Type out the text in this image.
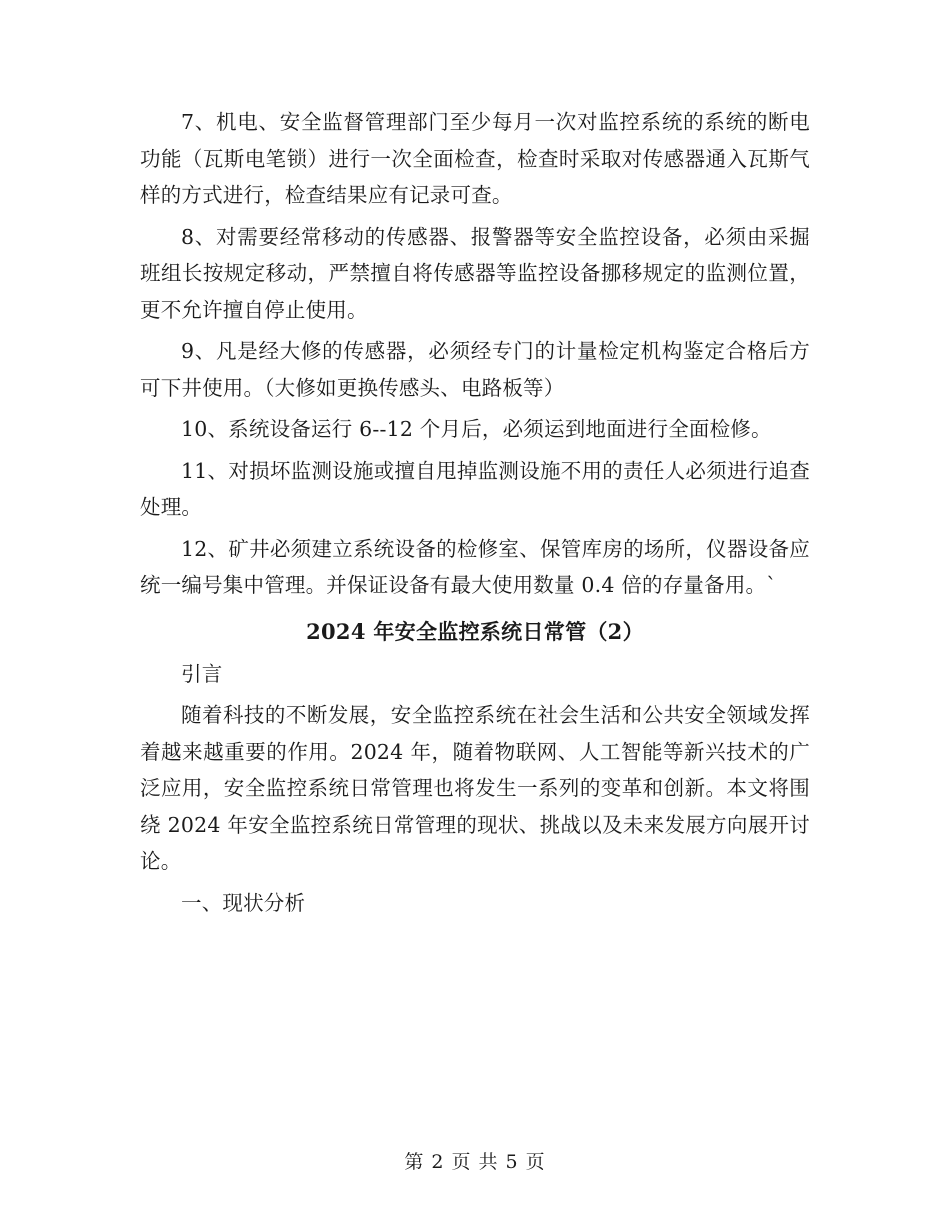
7、机电、安全监督管理部门至少每月一次对监控系统的系统的断电功能（瓦斯电笔锁）进行一次全面检查，检查时采取对传感器通入瓦斯气样的方式进行，检查结果应有记录可查。

8、对需要经常移动的传感器、报警器等安全监控设备，必须由采掘班组长按规定移动，严禁擅自将传感器等监控设备挪移规定的监测位置，更不允许擅自停止使用。

9、凡是经大修的传感器，必须经专门的计量检定机构鉴定合格后方可下井使用。（大修如更换传感头、电路板等）

10、系统设备运行 6--12 个月后，必须运到地面进行全面检修。

11、对损坏监测设施或擅自甩掉监测设施不用的责任人必须进行追查处理。

12、矿井必须建立系统设备的检修室、保管库房的场所，仪器设备应统一编号集中管理。并保证设备有最大使用数量 0.4 倍的存量备用。`

2024 年安全监控系统日常管（2）

引言

随着科技的不断发展，安全监控系统在社会生活和公共安全领域发挥着越来越重要的作用。2024 年，随着物联网、人工智能等新兴技术的广泛应用，安全监控系统日常管理也将发生一系列的变革和创新。本文将围绕 2024 年安全监控系统日常管理的现状、挑战以及未来发展方向展开讨论。

一、现状分析

第 2 页 共 5 页
